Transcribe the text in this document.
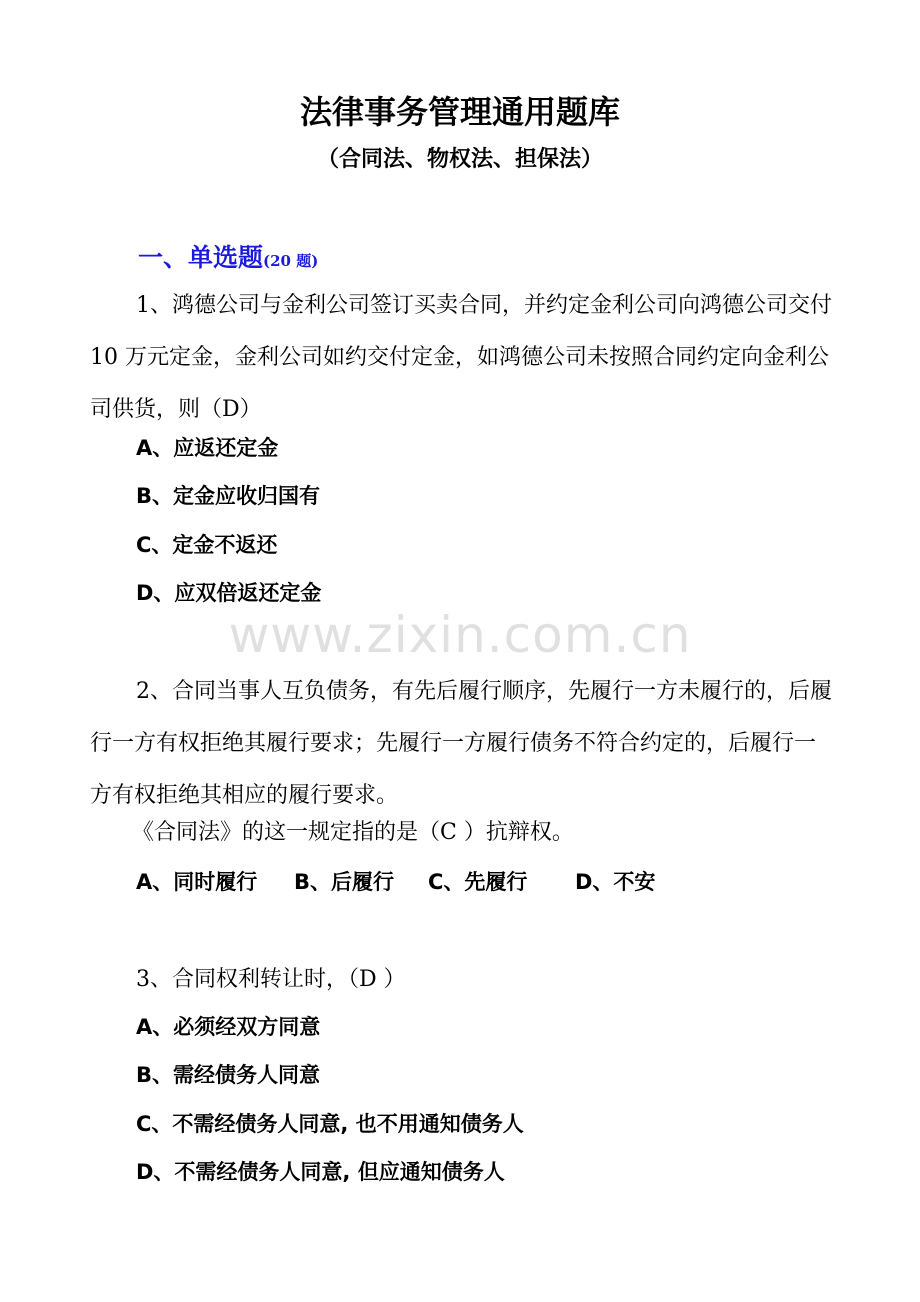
法律事务管理通用题库
（合同法、物权法、担保法）
一、单选题(20 题)

1、鸿德公司与金利公司签订买卖合同，并约定金利公司向鸿德公司交付 10 万元定金，金利公司如约交付定金，如鸿德公司未按照合同约定向金利公司供货，则（D）

A、应返还定金
B、定金应收归国有
C、定金不返还
D、应双倍返还定金
www.zixin.com.cn

2、合同当事人互负债务，有先后履行顺序，先履行一方未履行的，后履行一方有权拒绝其履行要求；先履行一方履行债务不符合约定的，后履行一方有权拒绝其相应的履行要求。

《合同法》的这一规定指的是（C ）抗辩权。
A、同时履行 B、后履行 C、先履行 D、不安
3、合同权利转让时，（D ）
A、必须经双方同意
B、需经债务人同意
C、不需经债务人同意, 也不用通知债务人
D、不需经债务人同意, 但应通知债务人
